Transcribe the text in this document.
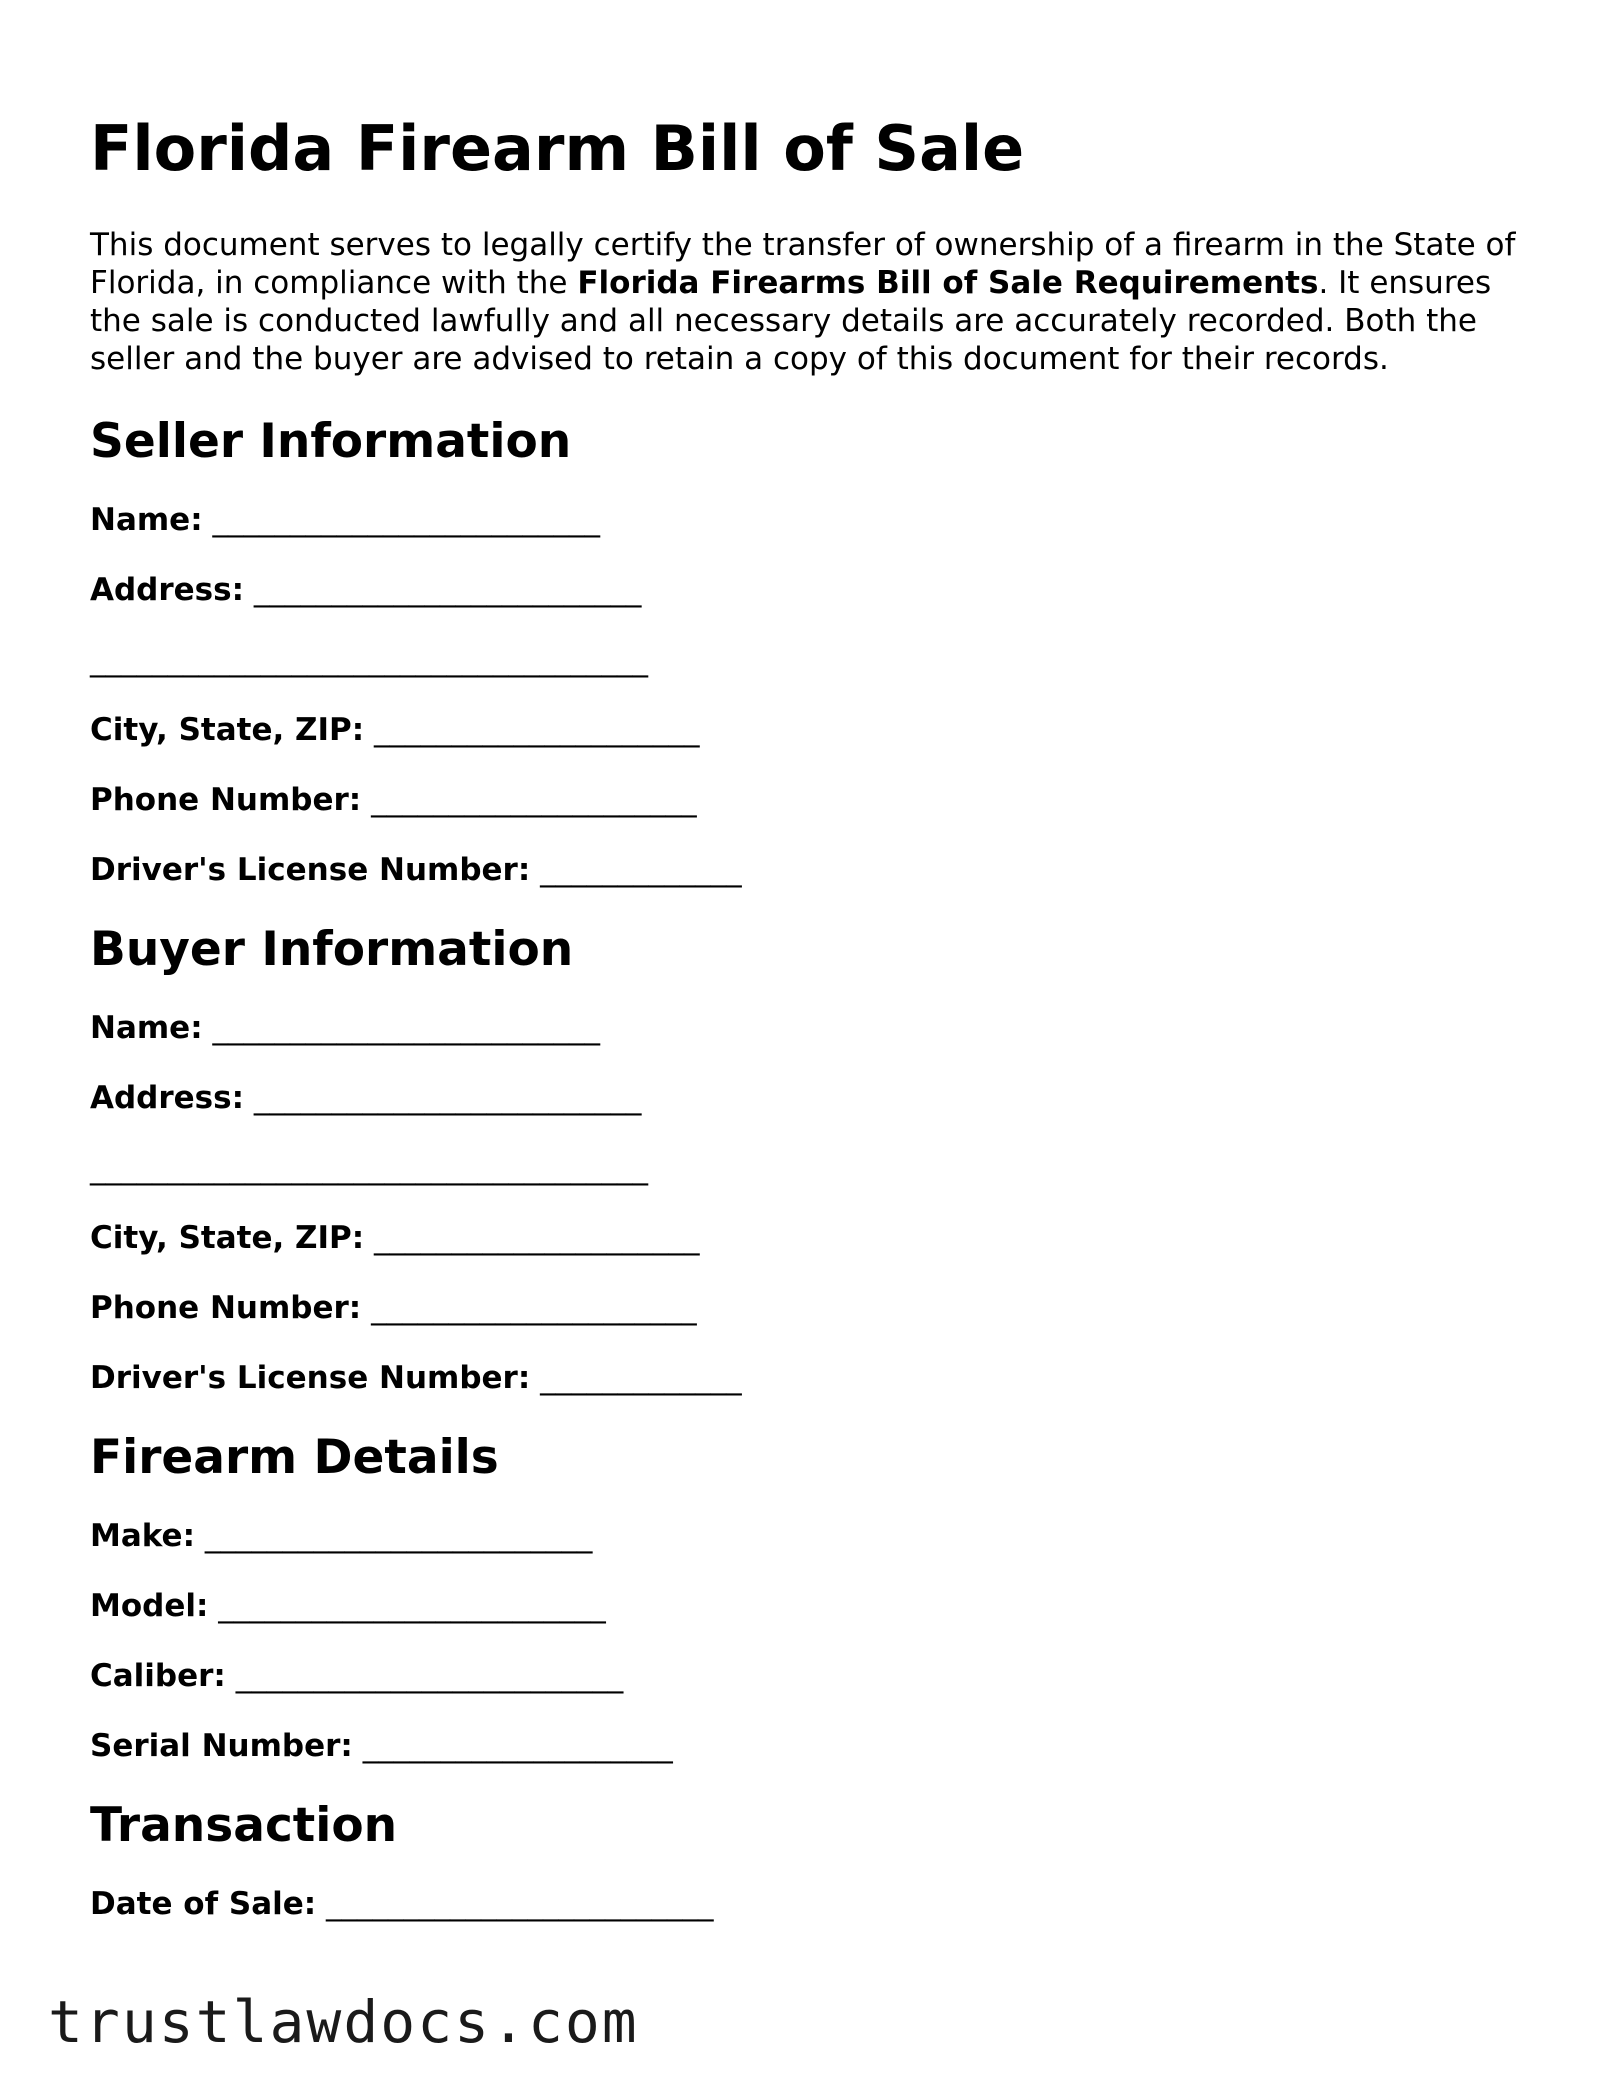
Florida Firearm Bill of Sale

This document serves to legally certify the transfer of ownership of a firearm in the State of Florida, in compliance with the Florida Firearms Bill of Sale Requirements. It ensures the sale is conducted lawfully and all necessary details are accurately recorded. Both the seller and the buyer are advised to retain a copy of this document for their records.

Seller Information
Name: _________________________
Address: _________________________
____________________________________
City, State, ZIP: _____________________
Phone Number: _____________________
Driver's License Number: _____________
Buyer Information
Name: _________________________
Address: _________________________
____________________________________
City, State, ZIP: _____________________
Phone Number: _____________________
Driver's License Number: _____________
Firearm Details
Make: _________________________
Model: _________________________
Caliber: _________________________
Serial Number: ____________________
Transaction
Date of Sale: _________________________
trustlawdocs.com
